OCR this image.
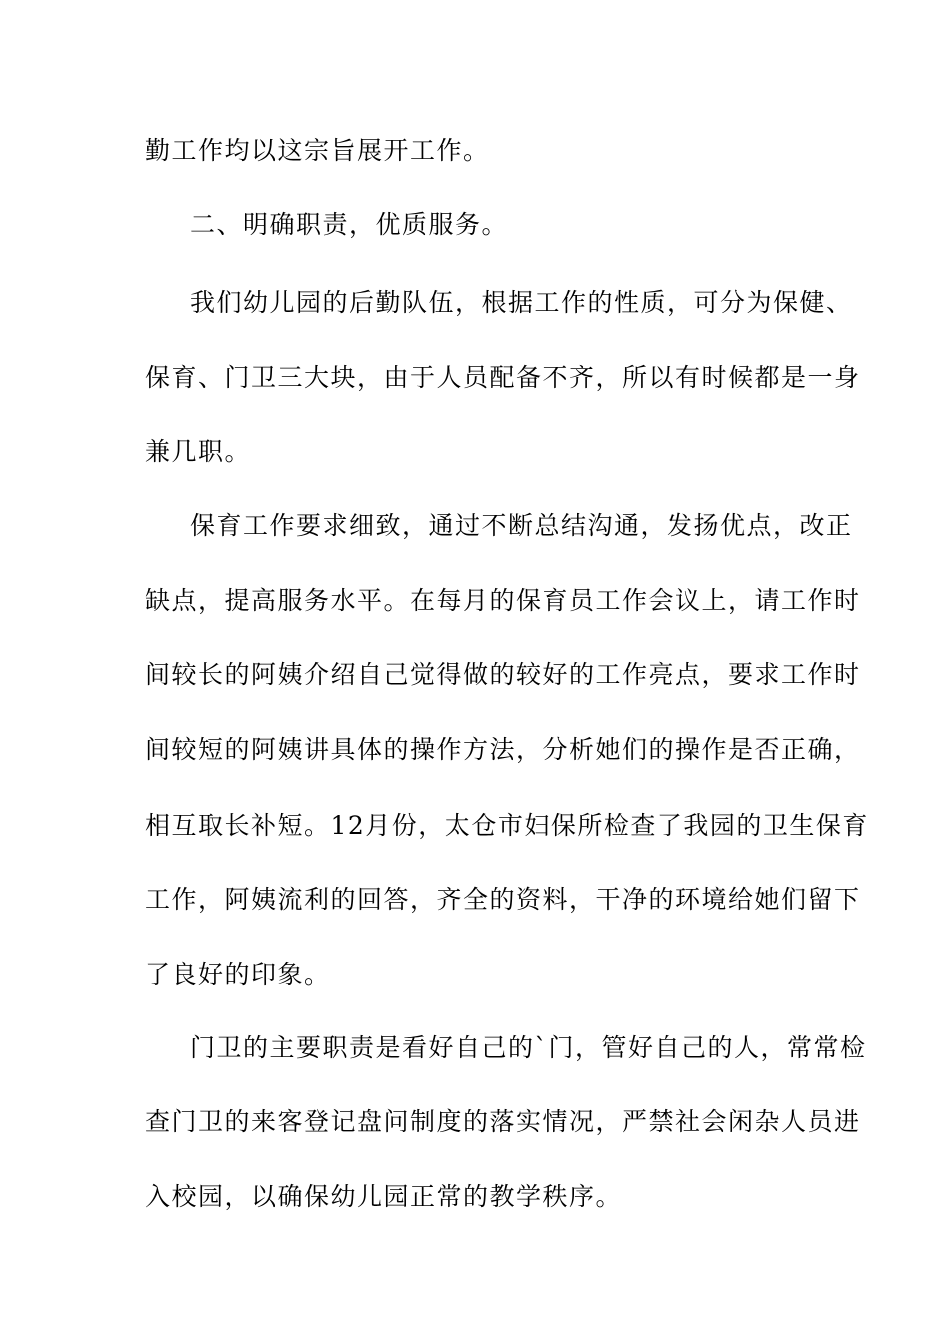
勤工作均以这宗旨展开工作。
二、明确职责，优质服务。
我们幼儿园的后勤队伍，根据工作的性质，可分为保健、
保育、门卫三大块，由于人员配备不齐，所以有时候都是一身
兼几职。
保育工作要求细致，通过不断总结沟通，发扬优点，改正
缺点，提高服务水平。在每月的保育员工作会议上，请工作时
间较长的阿姨介绍自己觉得做的较好的工作亮点，要求工作时
间较短的阿姨讲具体的操作方法，分析她们的操作是否正确，
相互取长补短。12月份，太仓市妇保所检查了我园的卫生保育
工作，阿姨流利的回答，齐全的资料，干净的环境给她们留下
了良好的印象。
门卫的主要职责是看好自己的`门，管好自己的人，常常检
查门卫的来客登记盘问制度的落实情况，严禁社会闲杂人员进
入校园，以确保幼儿园正常的教学秩序。
